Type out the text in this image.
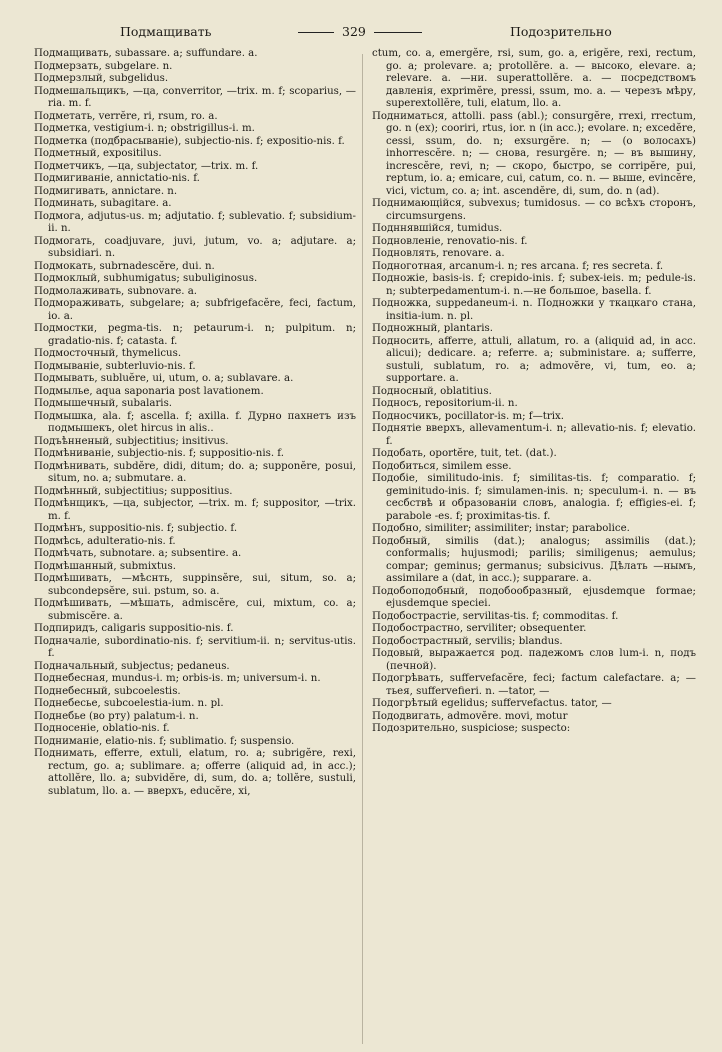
Подмащивать	329	Подозрительно

Подмащивать, subassare. a; suffundare. a.

Подмерзать, subgelare. n.

Подмерзлый, subgelidus.

Подмешальщикъ, —ца, converritor, —trix. m. f; scoparius, —ria. m. f.

Подметать, verrĕre, ri, rsum, ro. a.

Подметка, vestigium-i. n; obstrigillus-i. m.

Подметка (подбрасываніе), subjectio-nis. f; expositio-nis. f.

Подметный, expositilus.

Подметчикъ, —ца, subjectator, —trix. m. f.

Подмигиваніе, annictatio-nis. f.

Подмигивать, annictare. n.

Подминать, subagitare. a.

Подмога, adjutus-us. m; adjutatio. f; sublevatio. f; subsidium-ii. n.

Подмогать, coadjuvare, juvi, jutum, vo. a; adjutare. a; subsidiari. n.

Подмокать, subrnadescĕre, dui. n.

Подмоклый, subhumigatus; subuliginosus.

Подмолаживать, subnovare. a.

Подмораживать, subgelare; a; subfrigefacĕre, feci, factum, io. a.

Подмостки, pegma-tis. n; petaurum-i. n; pulpitum. n; gradatio-nis. f; catasta. f.

Подмосточный, thymelicus.

Подмываніе, subterluvio-nis. f.

Подмывать, subluĕre, ui, utum, o. a; sublavare. a.

Подмыльe, aqua saponaria post lavationem.

Подмышечный, subalaris.

Подмышка, ala. f; ascella. f; axilla. f. Дурно пахнетъ изъ подмышекъ, olet hircus in alis..

Подъѣнненый, subjectitius; insitivus.

Подмѣниваніе, subjectio-nis. f; suppositio-nis. f.

Подмѣнивать, subdĕre, didi, ditum; do. a; supponĕre, posui, situm, no. a; submutare. a.

Подмѣнный, subjectitius; suppositius.

Подмѣнщикъ, —ца, subjector, —trix. m. f; suppositor, —trix. m. f.

Подмѣнъ, suppositio-nis. f; subjectio. f.

Подмѣсь, adulteratio-nis. f.

Подмѣчать, subnotare. a; subsentire. a.

Подмѣшанный, submixtus.

Подмѣшивать, —мѣснть, suppinsĕre, sui, situm, so. a; subcondepsĕre, sui. pstum, so. a.

Подмѣшивать, —мѣшать, admiscĕre, cui, mixtum, co. a; submiscĕre. a.

Подпиридъ, caligaris suppositio-nis. f.

Подначаліе, subordinatio-nis. f; servitium-ii. n; servitus-utis. f.

Подначальный, subjectus; pedaneus.

Поднебесная, mundus-i. m; orbis-is. m; universum-i. n.

Поднебесный, subcoelestis.

Поднебесье, subcoelestia-ium. n. pl.

Поднебье (во рту) palatum-i. n.

Подносеніе, oblatio-nis. f.

Подниманіе, elatio-nis. f; sublimatio. f; suspensio.

Поднимать, efferre, extuli, elatum, ro. a; subrigĕre, rexi, rectum, go. a; sublimare. a; offerre (aliquid ad, in acc.); attollĕre, llo. a; subvidĕre, di, sum, do. a; tollĕre, sustuli, sublatum, llo. a. — вверхъ, educĕre, xi,

ctum, co. a, emergĕre, rsi, sum, go. a, erigĕre, rexi, rectum, go. a; prolevare. a; protollĕre. a. — высоко, elevare. a; relevare. a. —ни. superattollĕre. a. — посредствомъ давленія, exprimĕre, pressi, ssum, mo. a. — черезъ мѣру, superextollĕre, tuli, elatum, llo. a.

Подниматься, attolli. pass (abl.); consurgĕre, rrexi, rrectum, go. n (ex); cooriri, rtus, ior. n (in acc.); evolare. n; excedĕre, cessi, ssum, do. n; exsurgĕre. n; — (о волосахъ) inhorrescĕre. n; — снова, resurgĕre. n; — въ вышину, increscĕre, revi, n; — скоро, быстро, se corripĕre, pui, reptum, io. a; emicare, cui, catum, co. n. — выше, evincĕre, vici, victum, co. a; int. ascendĕre, di, sum, do. n (ad).

Поднимающійся, subvexus; tumidosus. — со всѣхъ сторонъ, circumsurgens.

Подннявшійся, tumidus.

Подновленіе, renovatio-nis. f.

Подновлять, renovare. a.

Подноготная, arcanum-i. n; res arcana. f; res secreta. f.

Подножіе, basis-is. f; crepido-inis. f; subex-ieis. m; pedule-is. n; subterpedamentum-i. n.—не большое, basella. f.

Подножка, suppedaneum-i. n. Подножки у ткацкаго стана, insitia-ium. n. pl.

Подножный, plantaris.

Подносить, afferre, attuli, allatum, ro. a (aliquid ad, in acc. alicui); dedicare. a; referre. a; subministare. a; sufferre, sustuli, sublatum, ro. a; admovĕre, vi, tum, eo. a; supportare. a.

Подносный, oblatitius.

Подносъ, repositorium-ii. n.

Подносчикъ, pocillator-is. m; f—trix.

Поднятіе вверхъ, allevamentum-i. n; allevatio-nis. f; elevatio. f.

Подобать, oportĕre, tuit, tet. (dat.).

Подобиться, similem esse.

Подобіе, similitudo-inis. f; similitas-tis. f; comparatio. f; geminitudo-inis. f; simulamen-inis. n; speculum-i. n. — въ сесбствѣ и образованіи словъ, analogia. f; effigies-ei. f; parabole -es. f; proximitas-tis. f.

Подобно, similiter; assimiliter; instar; parabolice.

Подобный, similis (dat.); analogus; assimilis (dat.); conformalis; hujusmodi; parilis; similigenus; aemulus; compar; geminus; germanus; subsicivus. Дѣлать —нымъ, assimilare a (dat, in acc.); supparare. a.

Подобоподобный, подобообразный, ejusdemque formae; ejusdemque speciei.

Подобострастіе, servilitas-tis. f; commoditas. f.

Подобострастно, serviliter; obsequenter.

Подобострастный, servilis; blandus.

Подовый, выражается род. падежомъ слов lum-i. n, подъ (печной).

Подогрѣвать, suffervefacĕre, feci; factum calefactare. a; —тьея, suffervefieri. n. —tator, —

Подогрѣтый egelidus; suffervefactus. tator, —

Пододвигать, admovĕre. movi, motur

Подозрительно, suspiciose; suspecto:
